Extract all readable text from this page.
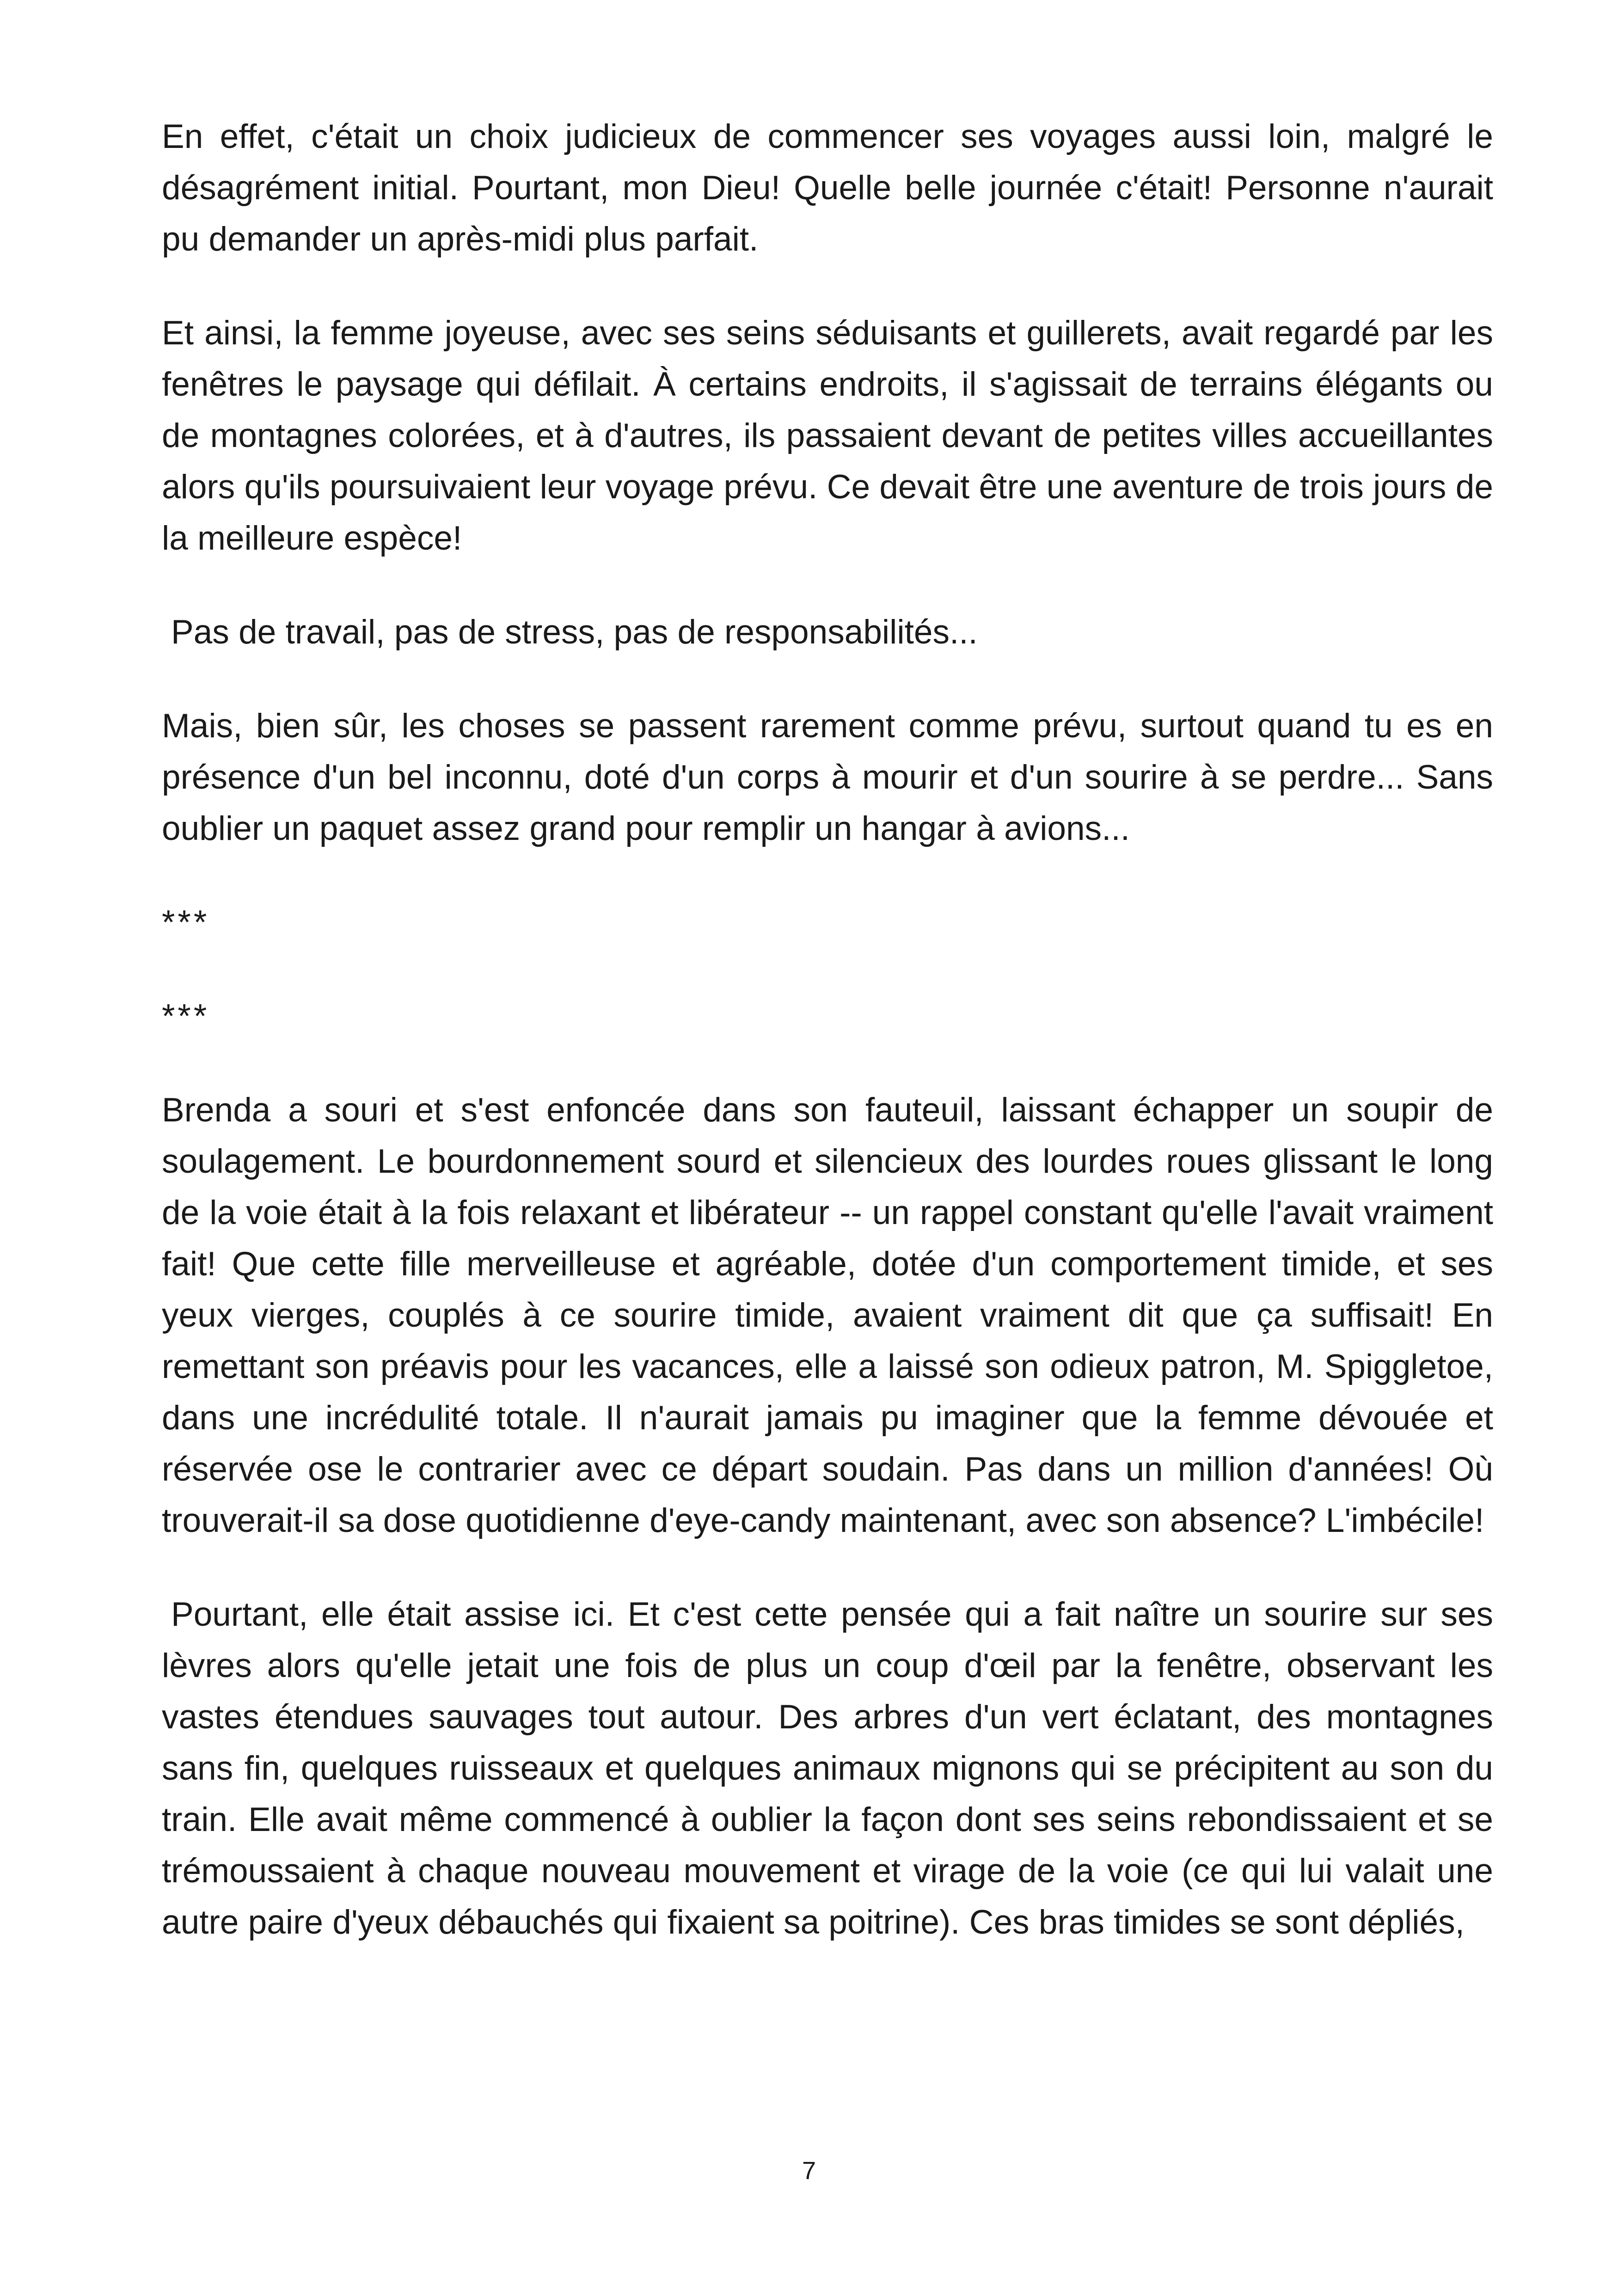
En effet, c'était un choix judicieux de commencer ses voyages aussi loin, malgré le désagrément initial. Pourtant, mon Dieu! Quelle belle journée c'était! Personne n'aurait pu demander un après-midi plus parfait.

Et ainsi, la femme joyeuse, avec ses seins séduisants et guillerets, avait regardé par les fenêtres le paysage qui défilait. À certains endroits, il s'agissait de terrains élégants ou de montagnes colorées, et à d'autres, ils passaient devant de petites villes accueillantes alors qu'ils poursuivaient leur voyage prévu. Ce devait être une aventure de trois jours de la meilleure espèce!

Pas de travail, pas de stress, pas de responsabilités...

Mais, bien sûr, les choses se passent rarement comme prévu, surtout quand tu es en présence d'un bel inconnu, doté d'un corps à mourir et d'un sourire à se perdre... Sans oublier un paquet assez grand pour remplir un hangar à avions...

***

***

Brenda a souri et s'est enfoncée dans son fauteuil, laissant échapper un soupir de soulagement. Le bourdonnement sourd et silencieux des lourdes roues glissant le long de la voie était à la fois relaxant et libérateur -- un rappel constant qu'elle l'avait vraiment fait! Que cette fille merveilleuse et agréable, dotée d'un comportement timide, et ses yeux vierges, couplés à ce sourire timide, avaient vraiment dit que ça suffisait! En remettant son préavis pour les vacances, elle a laissé son odieux patron, M. Spiggletoe, dans une incrédulité totale. Il n'aurait jamais pu imaginer que la femme dévouée et réservée ose le contrarier avec ce départ soudain. Pas dans un million d'années! Où trouverait-il sa dose quotidienne d'eye-candy maintenant, avec son absence? L'imbécile!

Pourtant, elle était assise ici. Et c'est cette pensée qui a fait naître un sourire sur ses lèvres alors qu'elle jetait une fois de plus un coup d'œil par la fenêtre, observant les vastes étendues sauvages tout autour. Des arbres d'un vert éclatant, des montagnes sans fin, quelques ruisseaux et quelques animaux mignons qui se précipitent au son du train. Elle avait même commencé à oublier la façon dont ses seins rebondissaient et se trémoussaient à chaque nouveau mouvement et virage de la voie (ce qui lui valait une autre paire d'yeux débauchés qui fixaient sa poitrine). Ces bras timides se sont dépliés,

7
